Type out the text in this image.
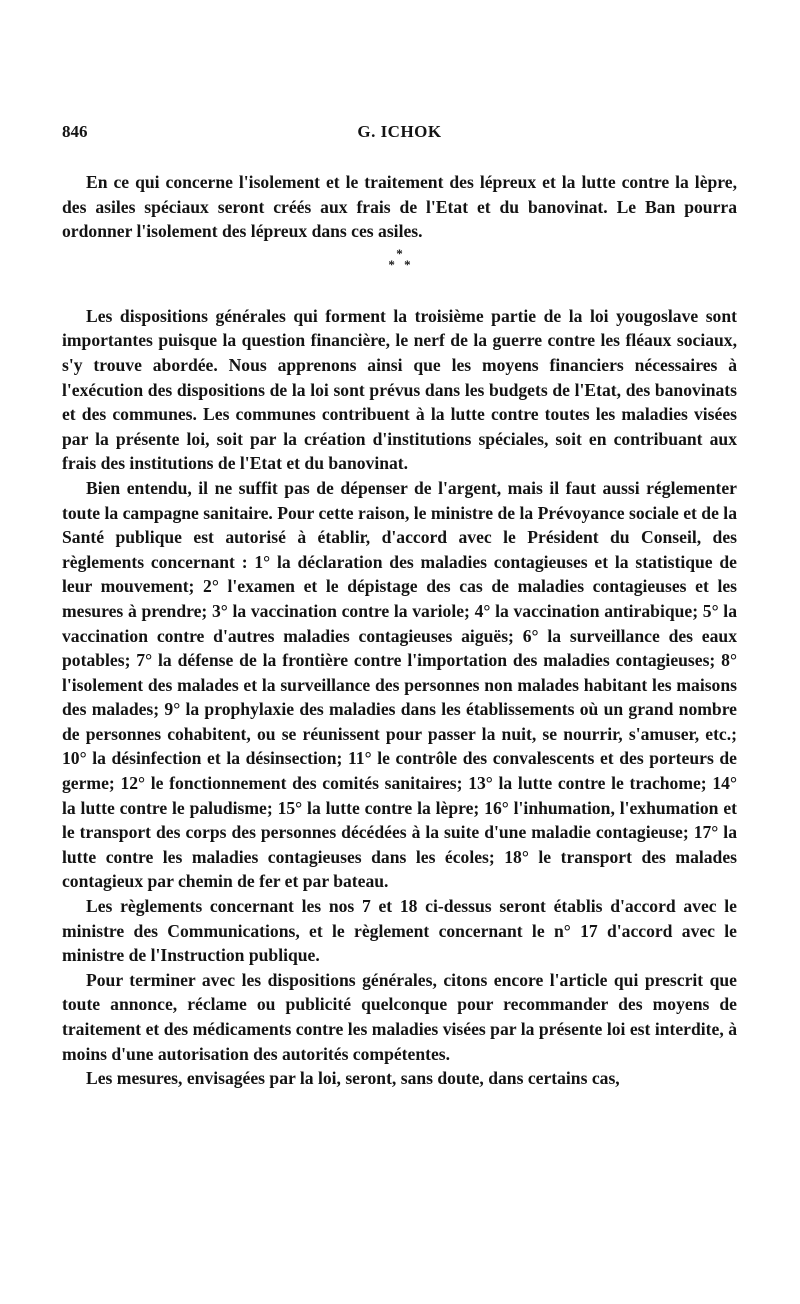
846	G. ICHOK

En ce qui concerne l'isolement et le traitement des lépreux et la lutte contre la lèpre, des asiles spéciaux seront créés aux frais de l'Etat et du banovinat. Le Ban pourra ordonner l'isolement des lépreux dans ces asiles.

*
* *

Les dispositions générales qui forment la troisième partie de la loi yougoslave sont importantes puisque la question financière, le nerf de la guerre contre les fléaux sociaux, s'y trouve abordée. Nous apprenons ainsi que les moyens financiers nécessaires à l'exécution des dispositions de la loi sont prévus dans les budgets de l'Etat, des banovinats et des communes. Les communes contribuent à la lutte contre toutes les maladies visées par la présente loi, soit par la création d'institutions spéciales, soit en contribuant aux frais des institutions de l'Etat et du banovinat.

Bien entendu, il ne suffit pas de dépenser de l'argent, mais il faut aussi réglementer toute la campagne sanitaire. Pour cette raison, le ministre de la Prévoyance sociale et de la Santé publique est autorisé à établir, d'accord avec le Président du Conseil, des règlements concernant : 1° la déclaration des maladies contagieuses et la statistique de leur mouvement; 2° l'examen et le dépistage des cas de maladies contagieuses et les mesures à prendre; 3° la vaccination contre la variole; 4° la vaccination antirabique; 5° la vaccination contre d'autres maladies contagieuses aiguës; 6° la surveillance des eaux potables; 7° la défense de la frontière contre l'importation des maladies contagieuses; 8° l'isolement des malades et la surveillance des personnes non malades habitant les maisons des malades; 9° la prophylaxie des maladies dans les établissements où un grand nombre de personnes cohabitent, ou se réunissent pour passer la nuit, se nourrir, s'amuser, etc.; 10° la désinfection et la désinsection; 11° le contrôle des convalescents et des porteurs de germe; 12° le fonctionnement des comités sanitaires; 13° la lutte contre le trachome; 14° la lutte contre le paludisme; 15° la lutte contre la lèpre; 16° l'inhumation, l'exhumation et le transport des corps des personnes décédées à la suite d'une maladie contagieuse; 17° la lutte contre les maladies contagieuses dans les écoles; 18° le transport des malades contagieux par chemin de fer et par bateau.

Les règlements concernant les nos 7 et 18 ci-dessus seront établis d'accord avec le ministre des Communications, et le règlement concernant le n° 17 d'accord avec le ministre de l'Instruction publique.

Pour terminer avec les dispositions générales, citons encore l'article qui prescrit que toute annonce, réclame ou publicité quelconque pour recommander des moyens de traitement et des médicaments contre les maladies visées par la présente loi est interdite, à moins d'une autorisation des autorités compétentes.

Les mesures, envisagées par la loi, seront, sans doute, dans certains cas,
